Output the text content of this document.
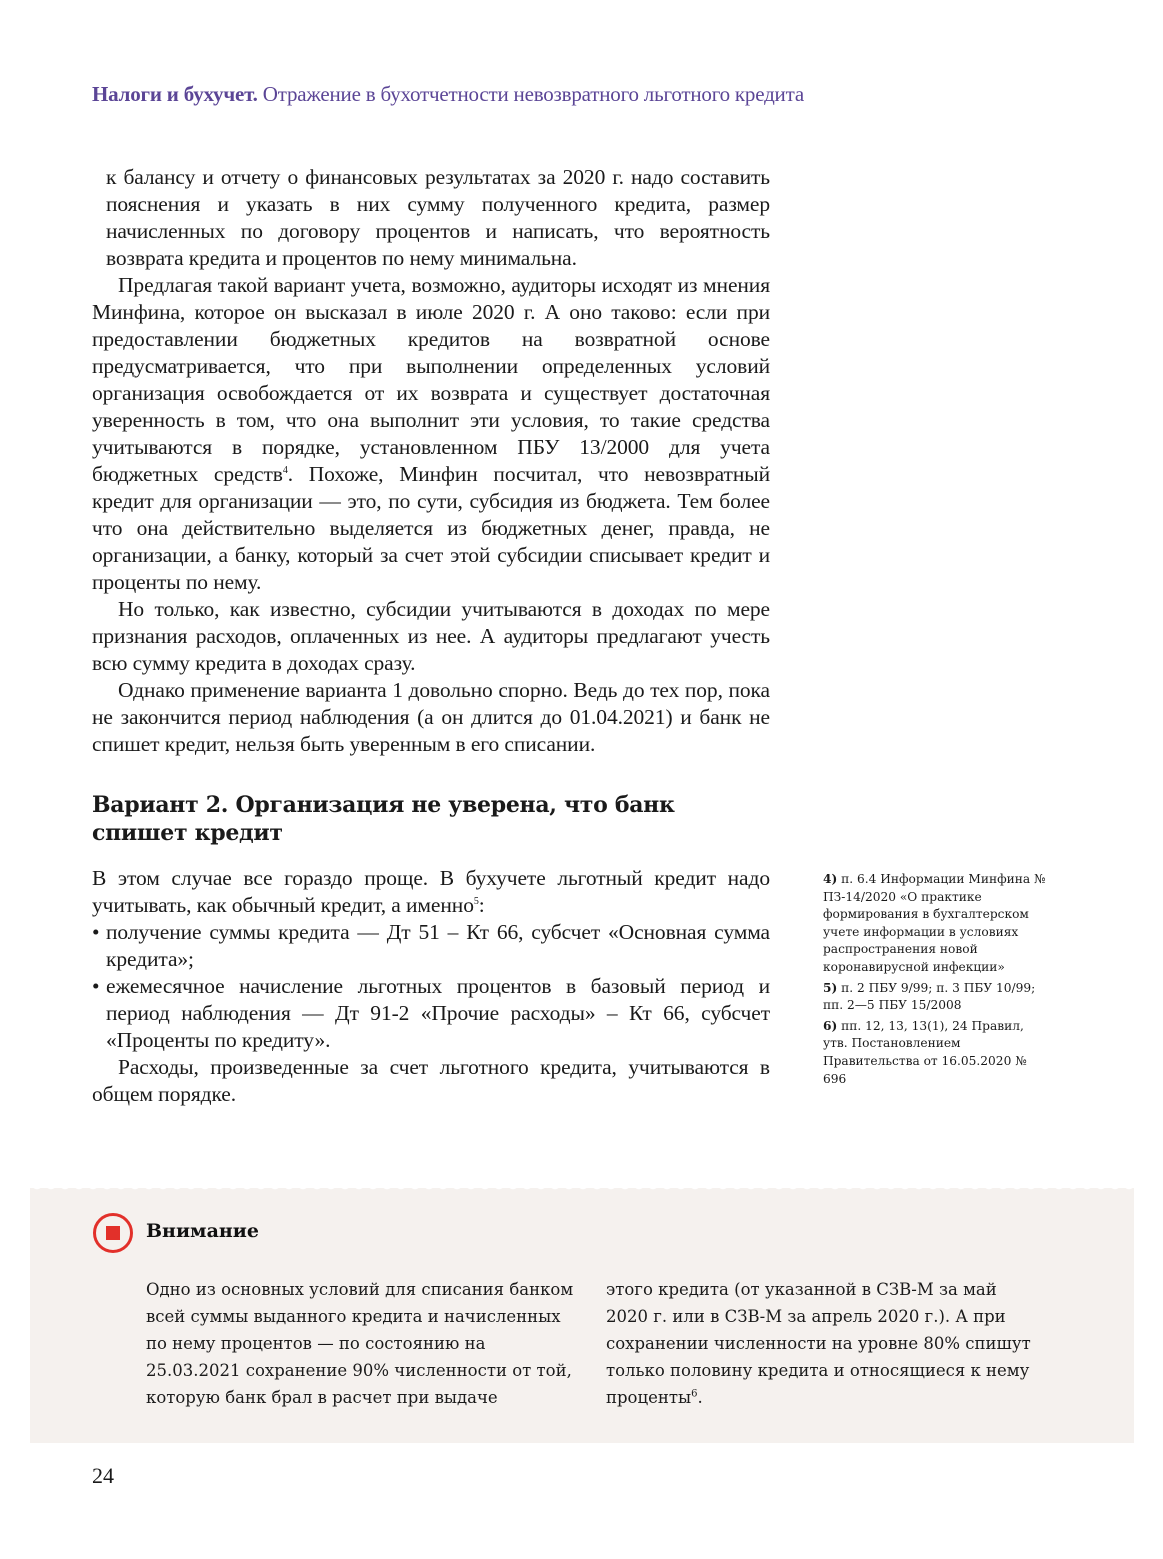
Налоги и бухучет. Отражение в бухотчетности невозвратного льготного кредита

к балансу и отчету о финансовых результатах за 2020 г. надо составить пояснения и указать в них сумму полученного кредита, размер начисленных по договору процентов и написать, что вероятность возврата кредита и процентов по нему минимальна.

Предлагая такой вариант учета, возможно, аудиторы исходят из мнения Минфина, которое он высказал в июле 2020 г. А оно таково: если при предоставлении бюджетных кредитов на возвратной основе предусматривается, что при выполнении определенных условий организация освобождается от их возврата и существует достаточная уверенность в том, что она выполнит эти условия, то такие средства учитываются в порядке, установленном ПБУ 13/2000 для учета бюджетных средств$^4$. Похоже, Минфин посчитал, что невозвратный кредит для организации — это, по сути, субсидия из бюджета. Тем более что она действительно выделяется из бюджетных денег, правда, не организации, а банку, который за счет этой субсидии списывает кредит и проценты по нему.

Но только, как известно, субсидии учитываются в доходах по мере признания расходов, оплаченных из нее. А аудиторы предлагают учесть всю сумму кредита в доходах сразу.

Однако применение варианта 1 довольно спорно. Ведь до тех пор, пока не закончится период наблюдения (а он длится до 01.04.2021) и банк не спишет кредит, нельзя быть уверенным в его списании.

Вариант 2. Организация не уверена, что банк спишет кредит

В этом случае все гораздо проще. В бухучете льготный кредит надо учитывать, как обычный кредит, а именно$^5$:

• получение суммы кредита — Дт 51 – Кт 66, субсчет «Основная сумма кредита»;
• ежемесячное начисление льготных процентов в базовый период и период наблюдения — Дт 91-2 «Прочие расходы» – Кт 66, субсчет «Проценты по кредиту».

Расходы, произведенные за счет льготного кредита, учитываются в общем порядке.

4) п. 6.4 Информации Минфина № ПЗ-14/2020 «О практике формирования в бухгалтерском учете информации в условиях распространения новой коронавирусной инфекции»

5) п. 2 ПБУ 9/99; п. 3 ПБУ 10/99; пп. 2—5 ПБУ 15/2008

6) пп. 12, 13, 13(1), 24 Правил, утв. Постановлением Правительства от 16.05.2020 № 696

Внимание

Одно из основных условий для списания банком всей суммы выданного кредита и начисленных по нему процентов — по состоянию на 25.03.2021 сохранение 90% численности от той, которую банк брал в расчет при выдаче

этого кредита (от указанной в СЗВ-М за май 2020 г. или в СЗВ-М за апрель 2020 г.). А при сохранении численности на уровне 80% спишут только половину кредита и относящиеся к нему проценты$^6$.

24
